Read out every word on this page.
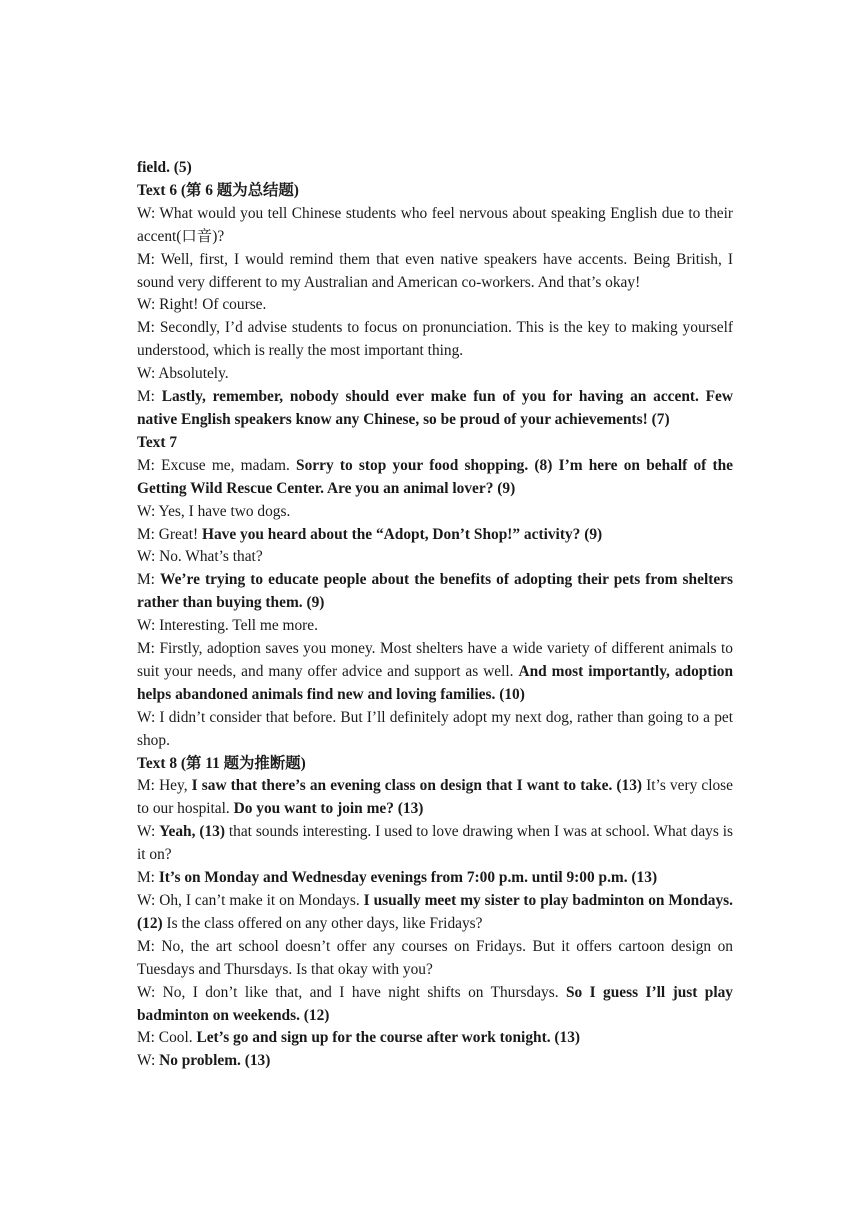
field. (5)

Text 6 (第 6 题为总结题)

W: What would you tell Chinese students who feel nervous about speaking English due to their accent(口音)?

M: Well, first, I would remind them that even native speakers have accents. Being British, I sound very different to my Australian and American co-workers. And that’s okay!

W: Right! Of course.

M: Secondly, I’d advise students to focus on pronunciation. This is the key to making yourself understood, which is really the most important thing.

W: Absolutely.

M: Lastly, remember, nobody should ever make fun of you for having an accent. Few native English speakers know any Chinese, so be proud of your achievements! (7)

Text 7

M: Excuse me, madam. Sorry to stop your food shopping. (8) I’m here on behalf of the Getting Wild Rescue Center. Are you an animal lover? (9)

W: Yes, I have two dogs.

M: Great! Have you heard about the “Adopt, Don’t Shop!” activity? (9)

W: No. What’s that?

M: We’re trying to educate people about the benefits of adopting their pets from shelters rather than buying them. (9)

W: Interesting. Tell me more.

M: Firstly, adoption saves you money. Most shelters have a wide variety of different animals to suit your needs, and many offer advice and support as well. And most importantly, adoption helps abandoned animals find new and loving families. (10)

W: I didn’t consider that before. But I’ll definitely adopt my next dog, rather than going to a pet shop.

Text 8 (第 11 题为推断题)

M: Hey, I saw that there’s an evening class on design that I want to take. (13) It’s very close to our hospital. Do you want to join me? (13)

W: Yeah, (13) that sounds interesting. I used to love drawing when I was at school. What days is it on?

M: It’s on Monday and Wednesday evenings from 7:00 p.m. until 9:00 p.m. (13)

W: Oh, I can’t make it on Mondays. I usually meet my sister to play badminton on Mondays. (12) Is the class offered on any other days, like Fridays?

M: No, the art school doesn’t offer any courses on Fridays. But it offers cartoon design on Tuesdays and Thursdays. Is that okay with you?

W: No, I don’t like that, and I have night shifts on Thursdays. So I guess I’ll just play badminton on weekends. (12)

M: Cool. Let’s go and sign up for the course after work tonight. (13)

W: No problem. (13)
